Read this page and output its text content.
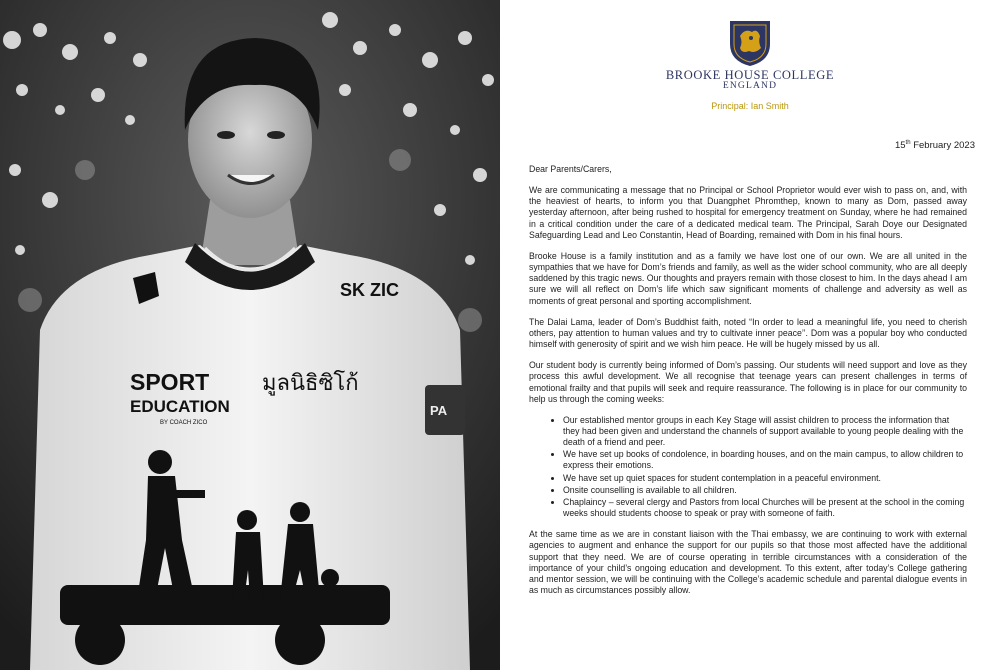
SPORT
EDUCATION
BY COACH ZICO
SK ZIC
มูลนิธิซิโก้
PA
BROOKE HOUSE COLLEGE
ENGLAND
Principal: Ian Smith
15th February 2023

Dear Parents/Carers,

We are communicating a message that no Principal or School Proprietor would ever wish to pass on, and, with the heaviest of hearts, to inform you that Duangphet Phromthep, known to many as Dom, passed away yesterday afternoon, after being rushed to hospital for emergency treatment on Sunday, where he had remained in a critical condition under the care of a dedicated medical team. The Principal, Sarah Doye our Designated Safeguarding Lead and Leo Constantin, Head of Boarding, remained with Dom in his final hours.

Brooke House is a family institution and as a family we have lost one of our own. We are all united in the sympathies that we have for Dom’s friends and family, as well as the wider school community, who are all deeply saddened by this tragic news. Our thoughts and prayers remain with those closest to him. In the days ahead I am sure we will all reflect on Dom’s life which saw significant moments of challenge and adversity as well as moments of great personal and sporting accomplishment.

The Dalai Lama, leader of Dom’s Buddhist faith, noted “In order to lead a meaningful life, you need to cherish others, pay attention to human values and try to cultivate inner peace’’. Dom was a popular boy who conducted himself with generosity of spirit and we wish him peace. He will be hugely missed by us all.

Our student body is currently being informed of Dom’s passing. Our students will need support and love as they process this awful development. We all recognise that teenage years can present challenges in terms of emotional frailty and that pupils will seek and require reassurance. The following is in place for our community to help us through the coming weeks:

• Our established mentor groups in each Key Stage will assist children to process the information that they had been given and understand the channels of support available to young people dealing with the death of a friend and peer.
• We have set up books of condolence, in boarding houses, and on the main campus, to allow children to express their emotions.
• We have set up quiet spaces for student contemplation in a peaceful environment.
• Onsite counselling is available to all children.
• Chaplaincy – several clergy and Pastors from local Churches will be present at the school in the coming weeks should students choose to speak or pray with someone of faith.

At the same time as we are in constant liaison with the Thai embassy, we are continuing to work with external agencies to augment and enhance the support for our pupils so that those most affected have the additional support that they need. We are of course operating in terrible circumstances with a consideration of the importance of your child’s ongoing education and development. To this extent, after today’s College gathering and mentor session, we will be continuing with the College’s academic schedule and parental dialogue events in as much as circumstances possibly allow.
